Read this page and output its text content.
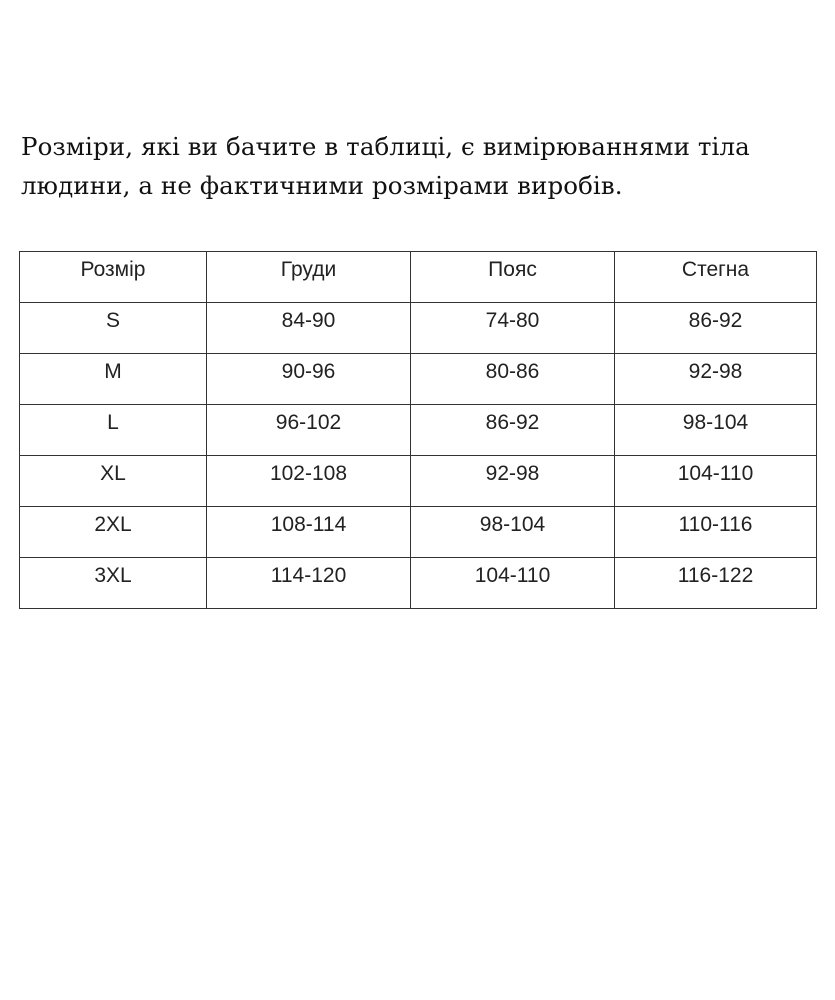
Розміри, які ви бачите в таблиці, є вимірюваннями тіла
людини, а не фактичними розмірами виробів.

Розмір	Груди	Пояс	Стегна

S	84-90	74-80	86-92

M	90-96	80-86	92-98

L	96-102	86-92	98-104

XL	102-108	92-98	104-110

2XL	108-114	98-104	110-116

3XL	114-120	104-110	116-122
